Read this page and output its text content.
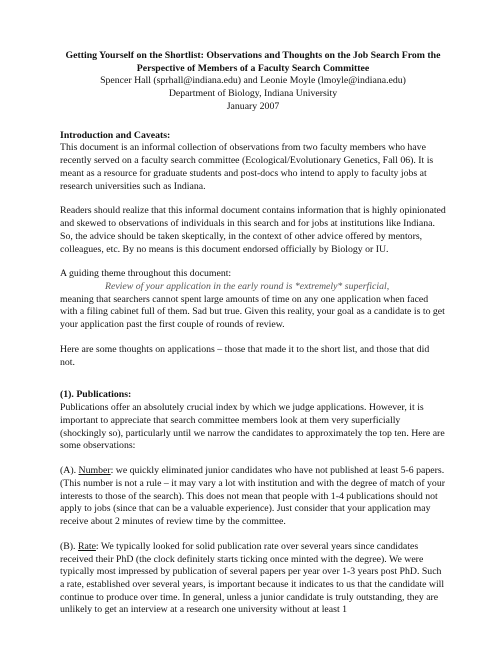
Getting Yourself on the Shortlist: Observations and Thoughts on the Job Search From the Perspective of Members of a Faculty Search Committee
Spencer Hall (sprhall@indiana.edu) and Leonie Moyle (lmoyle@indiana.edu)
Department of Biology, Indiana University
January 2007

Introduction and Caveats:

This document is an informal collection of observations from two faculty members who have recently served on a faculty search committee (Ecological/Evolutionary Genetics, Fall 06). It is meant as a resource for graduate students and post-docs who intend to apply to faculty jobs at research universities such as Indiana.

Readers should realize that this informal document contains information that is highly opinionated and skewed to observations of individuals in this search and for jobs at institutions like Indiana. So, the advice should be taken skeptically, in the context of other advice offered by mentors, colleagues, etc. By no means is this document endorsed officially by Biology or IU.

A guiding theme throughout this document:

Review of your application in the early round is *extremely* superficial,

meaning that searchers cannot spent large amounts of time on any one application when faced with a filing cabinet full of them. Sad but true. Given this reality, your goal as a candidate is to get your application past the first couple of rounds of review.

Here are some thoughts on applications – those that made it to the short list, and those that did not.

(1). Publications:

Publications offer an absolutely crucial index by which we judge applications. However, it is important to appreciate that search committee members look at them very superficially (shockingly so), particularly until we narrow the candidates to approximately the top ten. Here are some observations:

(A). Number: we quickly eliminated junior candidates who have not published at least 5-6 papers. (This number is not a rule – it may vary a lot with institution and with the degree of match of your interests to those of the search). This does not mean that people with 1-4 publications should not apply to jobs (since that can be a valuable experience). Just consider that your application may receive about 2 minutes of review time by the committee.

(B). Rate: We typically looked for solid publication rate over several years since candidates received their PhD (the clock definitely starts ticking once minted with the degree). We were typically most impressed by publication of several papers per year over 1-3 years post PhD. Such a rate, established over several years, is important because it indicates to us that the candidate will continue to produce over time. In general, unless a junior candidate is truly outstanding, they are unlikely to get an interview at a research one university without at least 1
